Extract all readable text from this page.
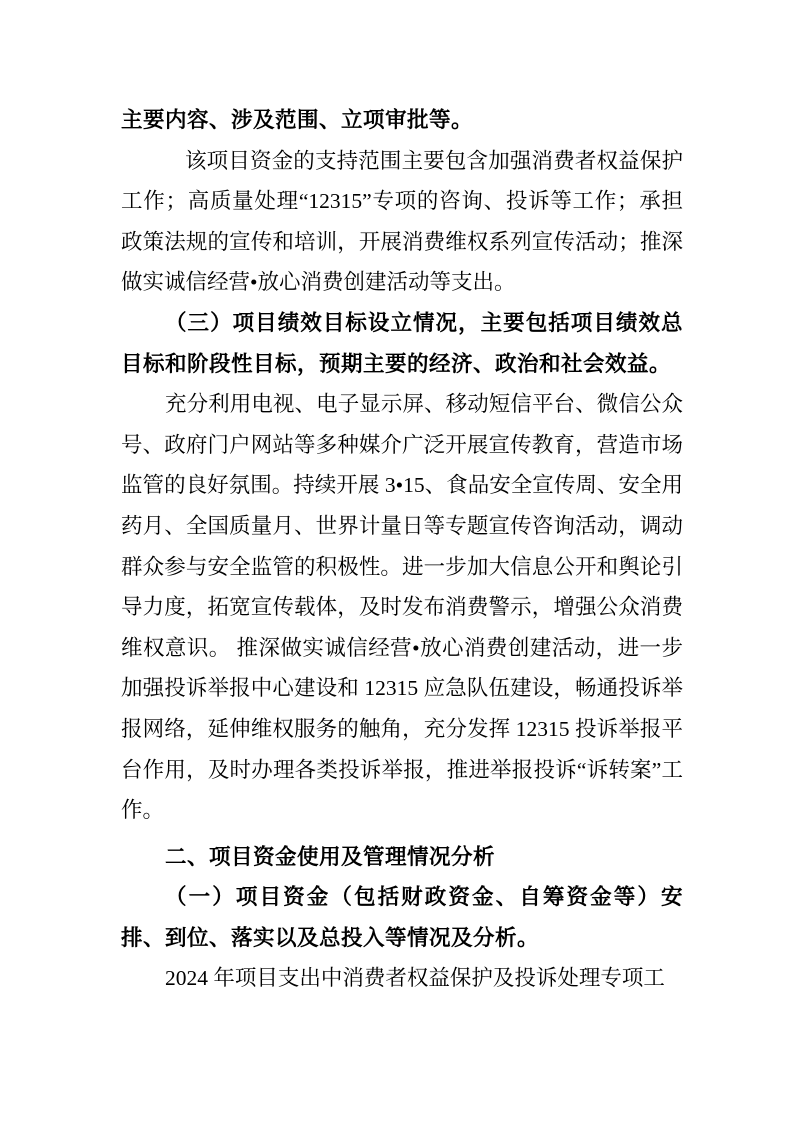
主要内容、涉及范围、立项审批等。

该项目资金的支持范围主要包含加强消费者权益保护工作；高质量处理“12315”专项的咨询、投诉等工作；承担政策法规的宣传和培训，开展消费维权系列宣传活动；推深做实诚信经营•放心消费创建活动等支出。

（三）项目绩效目标设立情况，主要包括项目绩效总目标和阶段性目标，预期主要的经济、政治和社会效益。

充分利用电视、电子显示屏、移动短信平台、微信公众号、政府门户网站等多种媒介广泛开展宣传教育，营造市场监管的良好氛围。持续开展 3•15、食品安全宣传周、安全用药月、全国质量月、世界计量日等专题宣传咨询活动，调动群众参与安全监管的积极性。进一步加大信息公开和舆论引导力度，拓宽宣传载体，及时发布消费警示，增强公众消费维权意识。 推深做实诚信经营•放心消费创建活动，进一步加强投诉举报中心建设和 12315 应急队伍建设，畅通投诉举报网络，延伸维权服务的触角，充分发挥 12315 投诉举报平台作用，及时办理各类投诉举报，推进举报投诉“诉转案”工作。

二、项目资金使用及管理情况分析

（一）项目资金（包括财政资金、自筹资金等）安排、到位、落实以及总投入等情况及分析。

2024 年项目支出中消费者权益保护及投诉处理专项工
